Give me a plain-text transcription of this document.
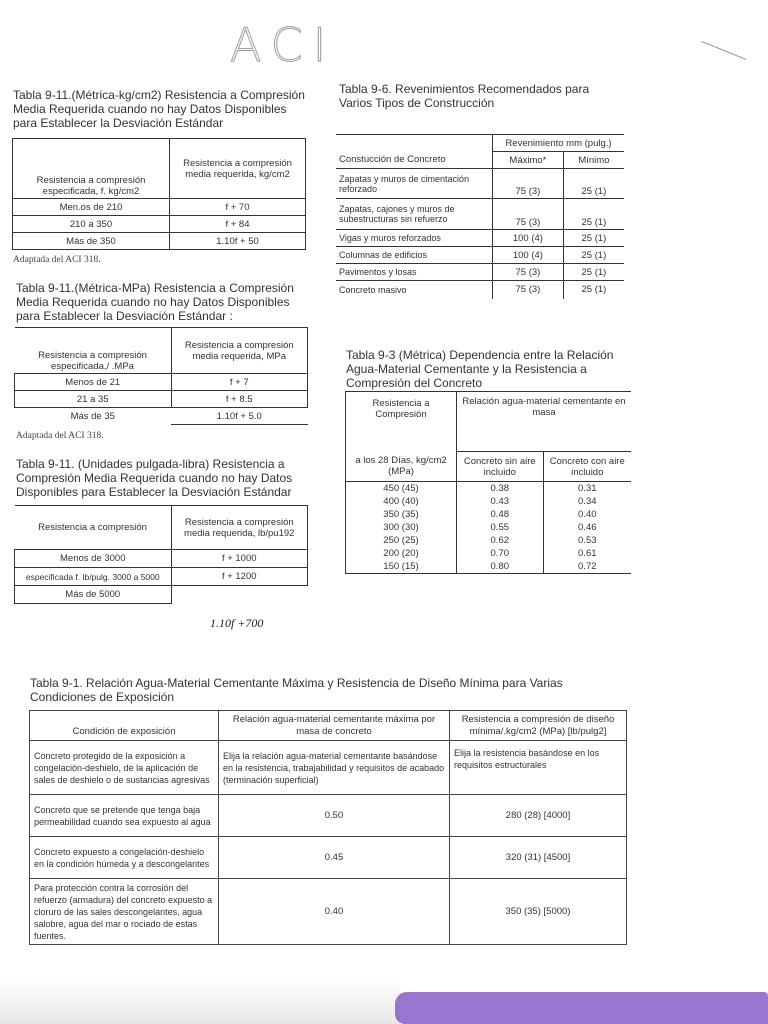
ACI
Tabla 9-11.(Métrica-kg/cm2) Resistencia a Compresión Media Requerida cuando no hay Datos Disponibles para Establecer la Desviación Estándar
Resistencia a compresión especificada, f. kg/cm2	Resistencia a compresión media requerida, kg/cm2
Men.os de 210	f + 70
210 a 350	f + 84
Más de 350	1.10f + 50
Adaptada del ACI 318.
Tabla 9-11.(Métrica-MPa) Resistencia a Compresión Media Requerida cuando no hay Datos Disponibles para Establecer la Desviación Estándar :
Resistencia a compresión especificada,/ .MPa	Resistencia a compresión media requerida, MPa
Menos de 21	f + 7
21 a 35	f + 8.5
Más de 35	1.10f + 5.0
Adaptada del ACI 318.
Tabla 9-11. (Unidades pulgada-libra) Resistencia a Compresión Media Requerida cuando no hay Datos Disponibles para Establecer la Desviación Estándar
Resistencia a compresión	Resistencia a compresión media requerida, lb/pu192
Menos de 3000	f + 1000
especificada f. lb/pulg. 3000 a 5000	f + 1200
Más de 5000	
1.10f +700
Tabla 9-6. Revenimientos Recomendados para Varios Tipos de Construcción
	Revenimiento mm (pulg.)	
Constucción de Concreto	Máximo*	Mínimo
Zapatas y muros de cimentación reforzado	75 (3)	25 (1)
Zapatas, cajones y muros de subestructuras sin refuerzo	75 (3)	25 (1)
Vigas y muros reforzados	100 (4)	25 (1)
Columnas de edificios	100 (4)	25 (1)
Pavimentos y losas	75 (3)	25 (1)
Concreto masivo	75 (3)	25 (1)
Tabla 9-3 (Métrica) Dependencia entre la Relación Agua-Material Cementante y la Resistencia a Compresión del Concreto
Resistencia a Compresión	Relación agua-material cementante en masa	
a los 28 Días, kg/cm2 (MPa)	Concreto sin aire incluido	Concreto con aire incluido
450 (45)	0.38	0.31
400 (40)	0.43	0.34
350 (35)	0.48	0.40
300 (30)	0.55	0.46
250 (25)	0.62	0.53
200 (20)	0.70	0.61
150 (15)	0.80	0.72
Tabla 9-1. Relación Agua-Material Cementante Máxima y Resistencia de Diseño Mínima para Varias Condiciones de Exposición
Condición de exposición	Relación agua-material cementante máxima por masa de concreto	Resistencia a compresión de diseño mínima/.kg/cm2 (MPa) [lb/pulg2]
Concreto protegido de la exposición a congelación-deshielo, de la aplicación de sales de deshielo o de sustancias agresivas	Elija la relación agua-material cementante basándose en la resistencia, trabajabilidad y requisitos de acabado (terminación superficial)	Elija la resistencia basándose en los requisitos estructurales
Concreto que se pretende que tenga baja permeabilidad cuando sea expuesto al agua	0.50	280 (28) [4000]
Concreto expuesto a congelación-deshielo en la condición húmeda y a descongelantes	0.45	320 (31) [4500]
Para protección contra la corrosión del refuerzo (armadura) del concreto expuesto a cloruro de las sales descongelantes, agua salobre, agua del mar o rociado de estas fuentes.	0.40	350 (35) [5000)
